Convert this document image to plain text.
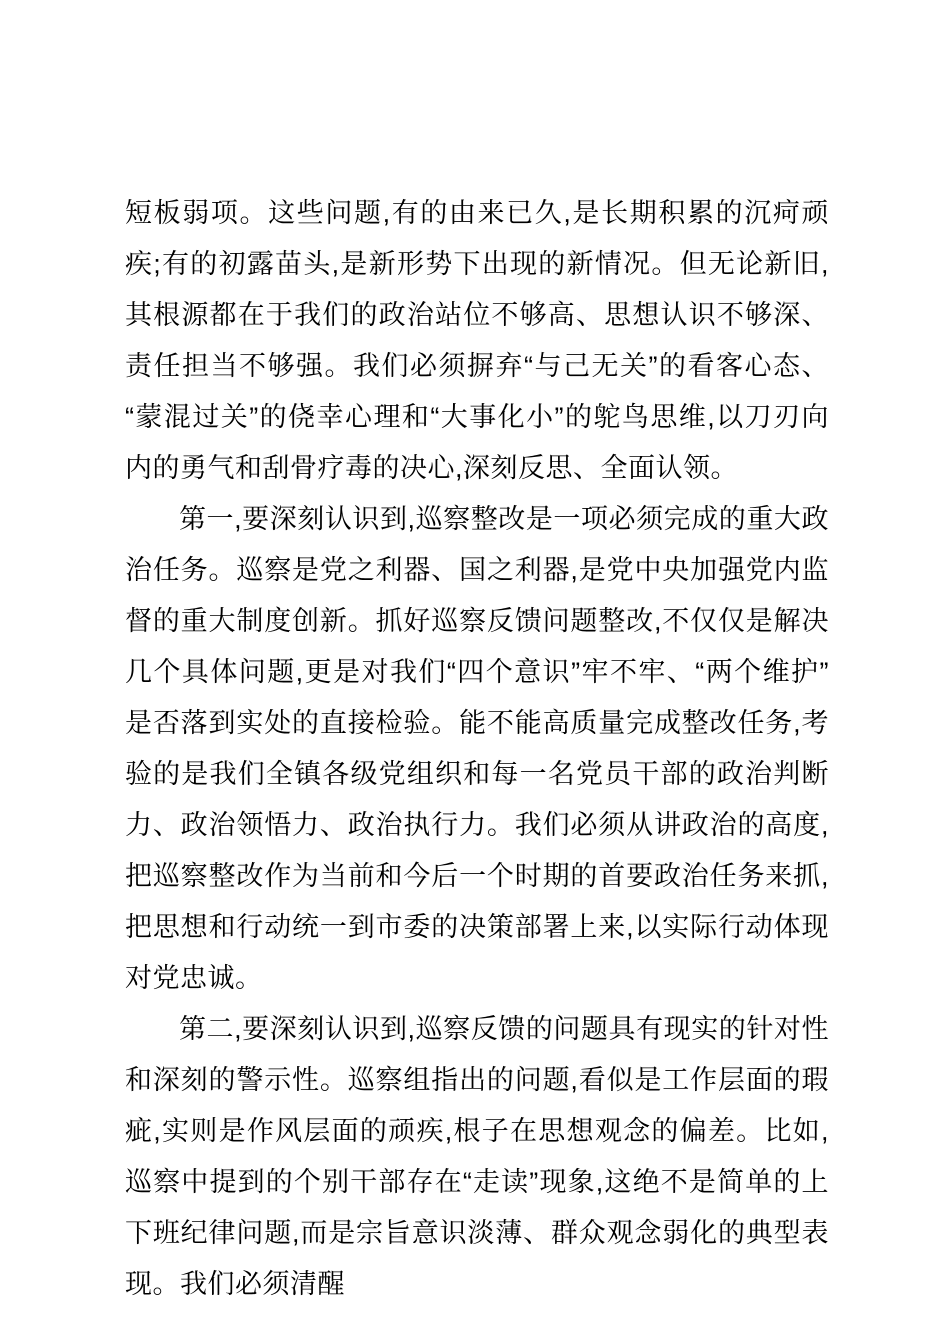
短板弱项。这些问题,有的由来已久,是长期积累的沉疴顽疾;有的初露苗头,是新形势下出现的新情况。但无论新旧,其根源都在于我们的政治站位不够高、思想认识不够深、责任担当不够强。我们必须摒弃“与己无关”的看客心态、“蒙混过关”的侥幸心理和“大事化小”的鸵鸟思维,以刀刃向内的勇气和刮骨疗毒的决心,深刻反思、全面认领。

第一,要深刻认识到,巡察整改是一项必须完成的重大政治任务。巡察是党之利器、国之利器,是党中央加强党内监督的重大制度创新。抓好巡察反馈问题整改,不仅仅是解决几个具体问题,更是对我们“四个意识”牢不牢、“两个维护”是否落到实处的直接检验。能不能高质量完成整改任务,考验的是我们全镇各级党组织和每一名党员干部的政治判断力、政治领悟力、政治执行力。我们必须从讲政治的高度,把巡察整改作为当前和今后一个时期的首要政治任务来抓,把思想和行动统一到市委的决策部署上来,以实际行动体现对党忠诚。

第二,要深刻认识到,巡察反馈的问题具有现实的针对性和深刻的警示性。巡察组指出的问题,看似是工作层面的瑕疵,实则是作风层面的顽疾,根子在思想观念的偏差。比如,巡察中提到的个别干部存在“走读”现象,这绝不是简单的上下班纪律问题,而是宗旨意识淡薄、群众观念弱化的典型表现。我们必须清醒
